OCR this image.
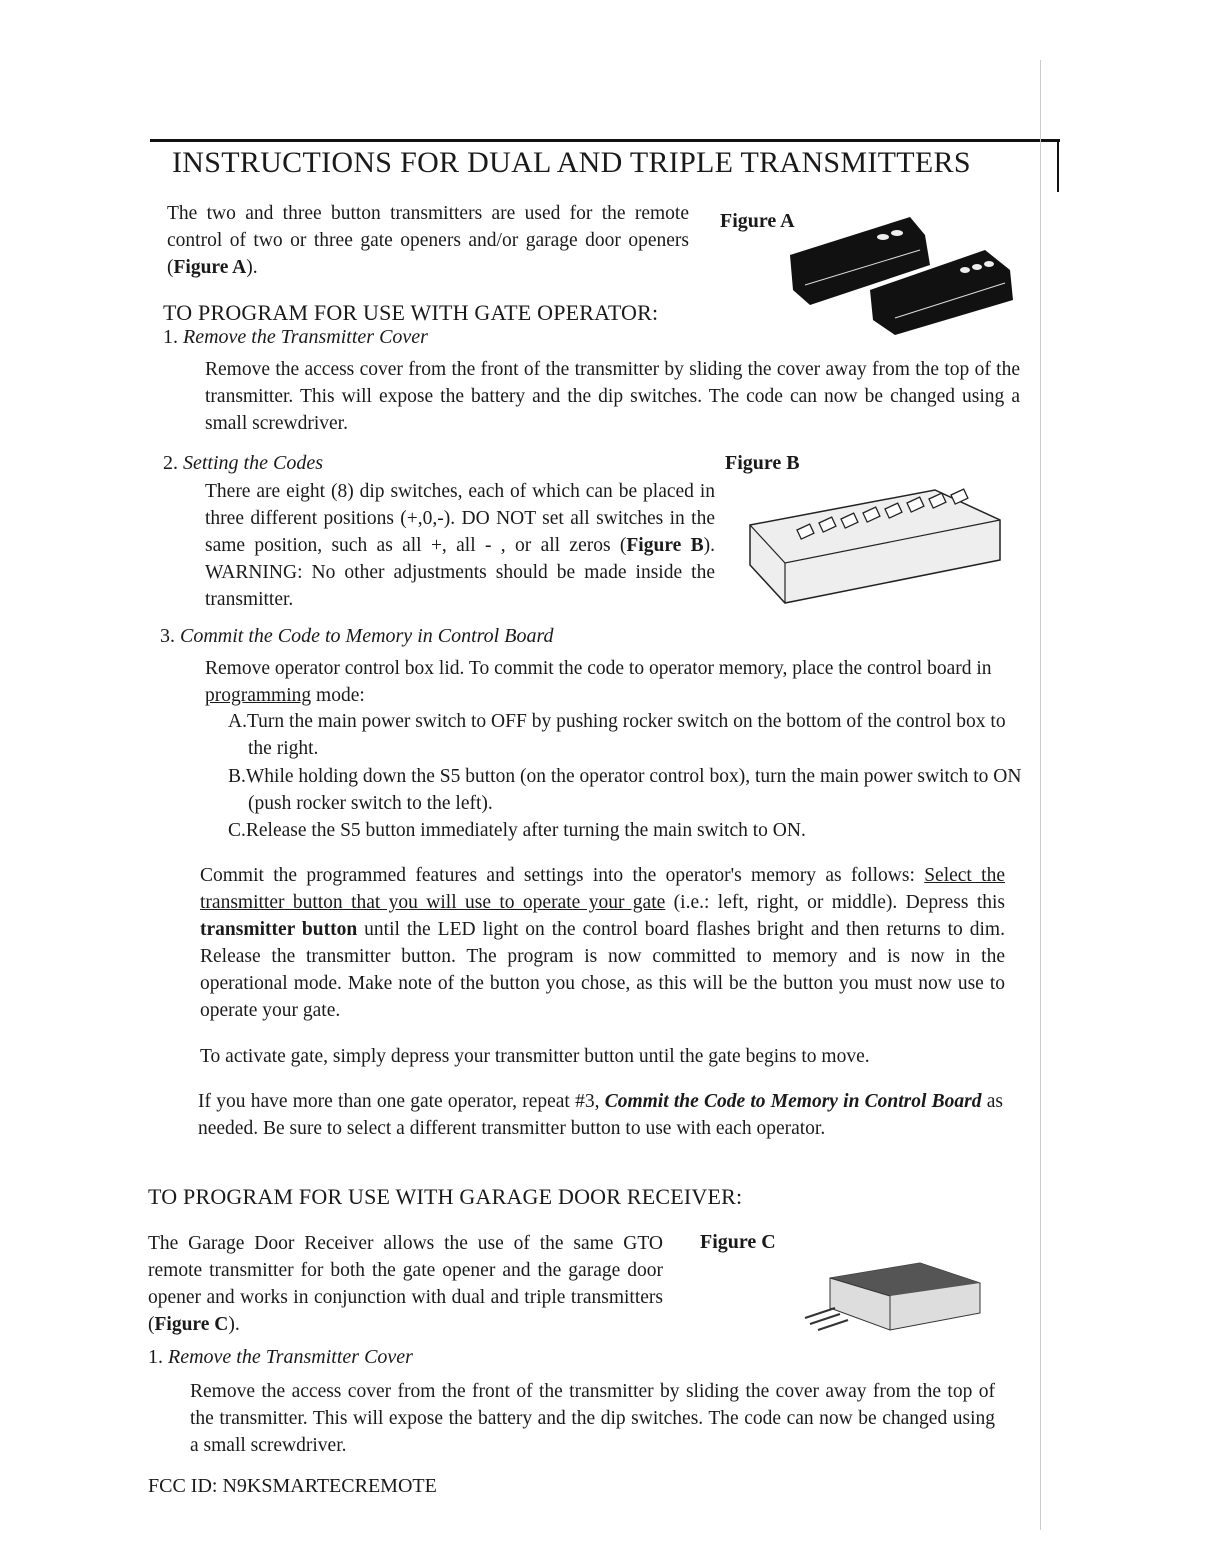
INSTRUCTIONS FOR DUAL AND TRIPLE TRANSMITTERS
The two and three button transmitters are used for the remote control of two or three gate openers and/or garage door openers (Figure A).
Figure A
TO PROGRAM FOR USE WITH GATE OPERATOR:
1. Remove the Transmitter Cover
Remove the access cover from the front of the transmitter by sliding the cover away from the top of the transmitter. This will expose the battery and the dip switches. The code can now be changed using a small screwdriver.
2. Setting the Codes	Figure B
There are eight (8) dip switches, each of which can be placed in three different positions (+,0,-). DO NOT set all switches in the same position, such as all +, all - , or all zeros (Figure B). WARNING: No other adjustments should be made inside the transmitter.
3. Commit the Code to Memory in Control Board
Remove operator control box lid. To commit the code to operator memory, place the control board in programming mode:
A.Turn the main power switch to OFF by pushing rocker switch on the bottom of the control box to the right.
B.While holding down the S5 button (on the operator control box), turn the main power switch to ON (push rocker switch to the left).
C.Release the S5 button immediately after turning the main switch to ON.
Commit the programmed features and settings into the operator's memory as follows: Select the transmitter button that you will use to operate your gate (i.e.: left, right, or middle). Depress this transmitter button until the LED light on the control board flashes bright and then returns to dim. Release the transmitter button. The program is now committed to memory and is now in the operational mode. Make note of the button you chose, as this will be the button you must now use to operate your gate.
To activate gate, simply depress your transmitter button until the gate begins to move.
If you have more than one gate operator, repeat #3, Commit the Code to Memory in Control Board as needed. Be sure to select a different transmitter button to use with each operator.
TO PROGRAM FOR USE WITH GARAGE DOOR RECEIVER:
The Garage Door Receiver allows the use of the same GTO remote transmitter for both the gate opener and the garage door opener and works in conjunction with dual and triple transmitters (Figure C).
Figure C
1. Remove the Transmitter Cover
Remove the access cover from the front of the transmitter by sliding the cover away from the top of the transmitter. This will expose the battery and the dip switches. The code can now be changed using a small screwdriver.
FCC ID: N9KSMARTECREMOTE
